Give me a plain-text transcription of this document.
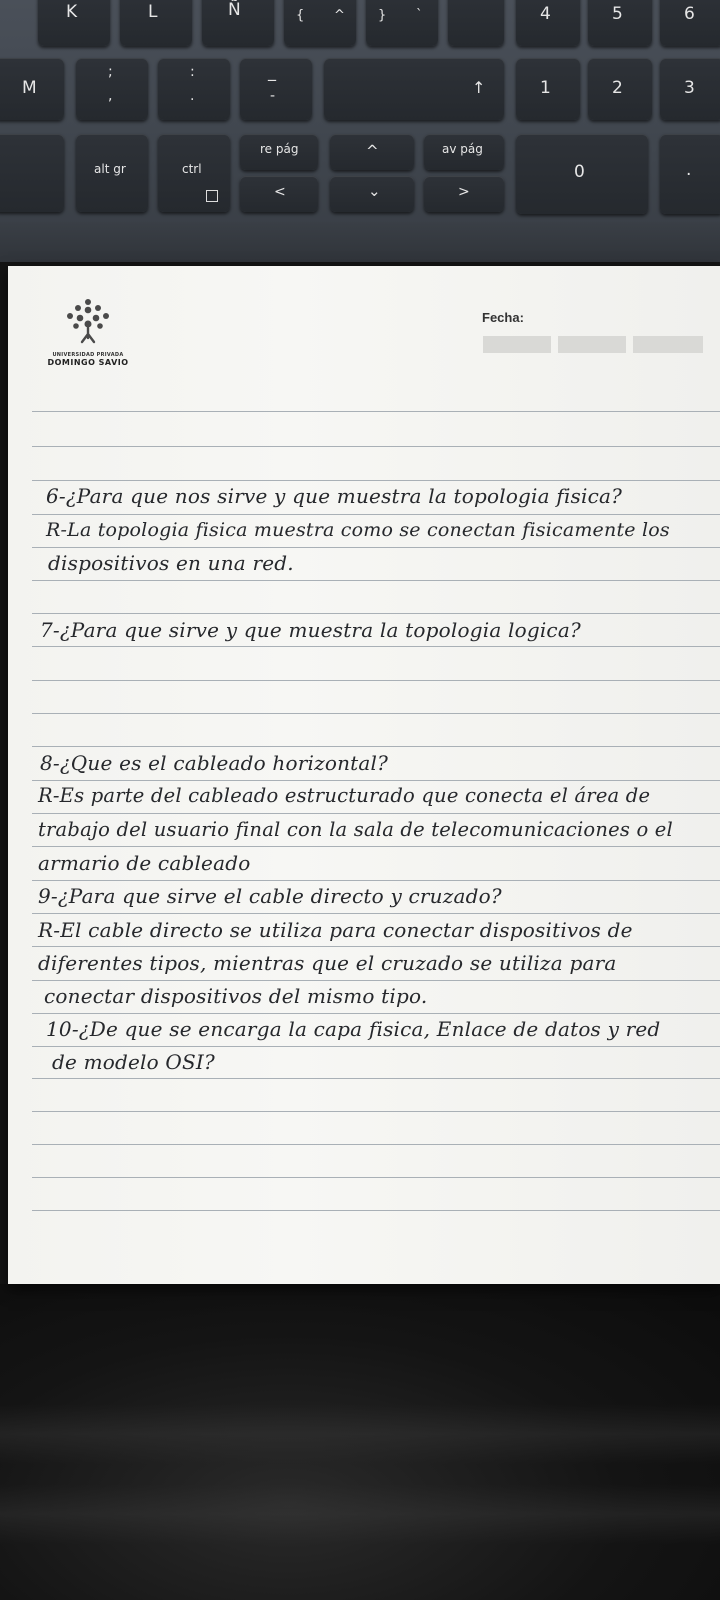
K	L	Ñ	{ ^	} `	4	5	6
M
;
,
:
.
_
-	↑	1	2	3
alt gr	ctrl
re pág
<
^
⌄
av pág
>
0	.
UNIVERSIDAD PRIVADA
DOMINGO SAVIO
Fecha:
6-¿Para que nos sirve y que muestra la topologia fisica?
R-La topologia fisica muestra como se conectan fisicamente los
dispositivos en una red.
7-¿Para que sirve y que muestra la topologia logica?
8-¿Que es el cableado horizontal?
R-Es parte del cableado estructurado que conecta el área de
trabajo del usuario final con la sala de telecomunicaciones o el
armario de cableado
9-¿Para que sirve el cable directo y cruzado?
R-El cable directo se utiliza para conectar dispositivos de
diferentes tipos, mientras que el cruzado se utiliza para
conectar dispositivos del mismo tipo.
10-¿De que se encarga la capa fisica, Enlace de datos y red
de modelo OSI?
